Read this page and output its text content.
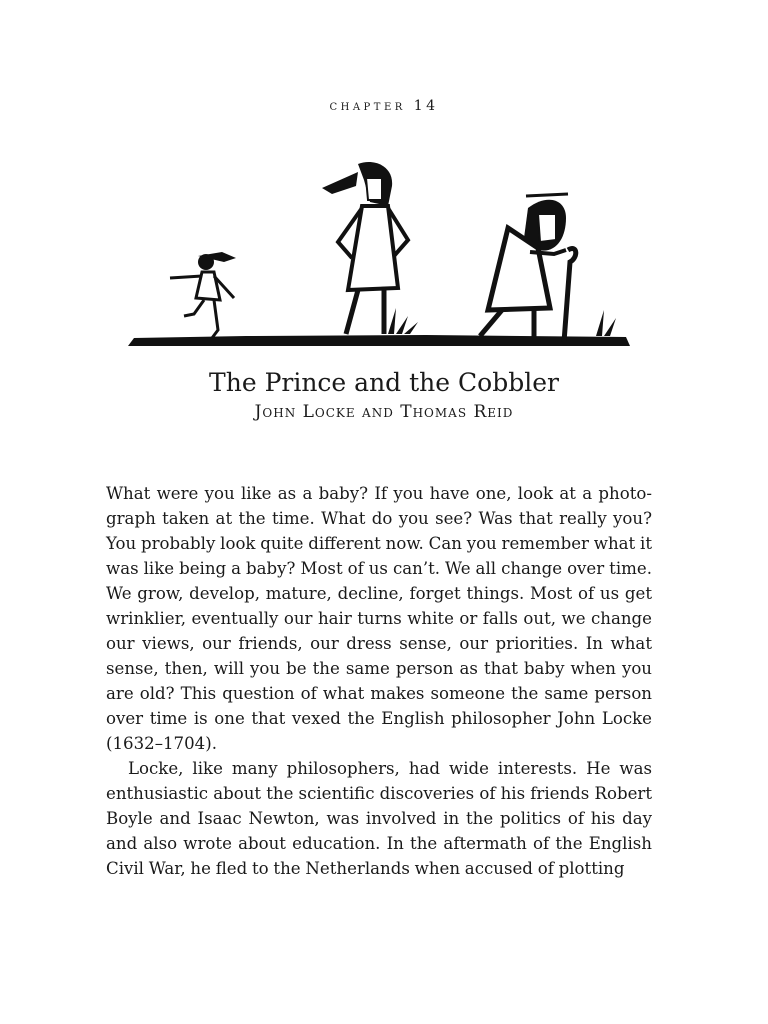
chapter 14
The Prince and the Cobbler
John Locke and Thomas Reid

What were you like as a baby? If you have one, look at a photo-graph taken at the time. What do you see? Was that really you? You probably look quite different now. Can you remember what it was like being a baby? Most of us can’t. We all change over time. We grow, develop, mature, decline, forget things. Most of us get wrinklier, eventually our hair turns white or falls out, we change our views, our friends, our dress sense, our priorities. In what sense, then, will you be the same person as that baby when you are old? This question of what makes someone the same person over time is one that vexed the English philosopher John Locke (1632–1704).

Locke, like many philosophers, had wide interests. He was enthusiastic about the scientific discoveries of his friends Robert Boyle and Isaac Newton, was involved in the politics of his day and also wrote about education. In the aftermath of the English Civil War, he fled to the Netherlands when accused of plotting
